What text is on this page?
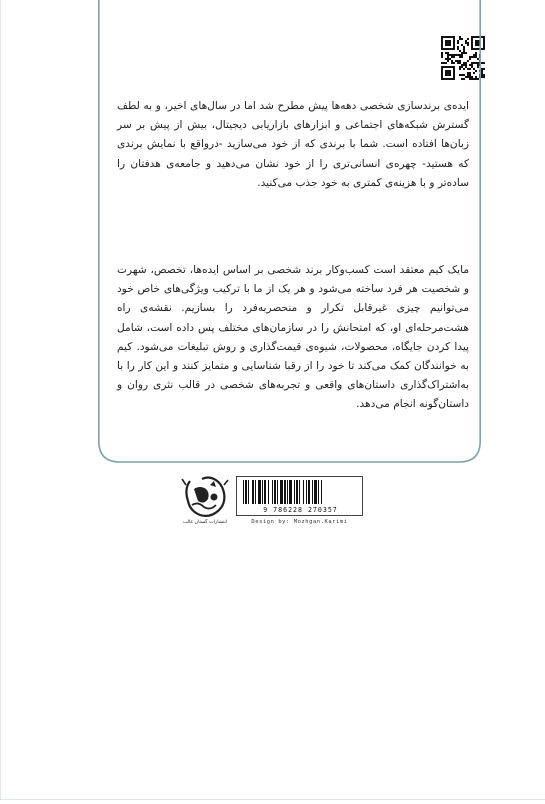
ایده‌ی برندسازی شخصی دهه‌ها پیش مطرح شد اما در سال‌های اخیر، و به لطف گسترش شبکه‌های اجتماعی و ابزارهای بازاریابی دیجیتال، بیش از پیش بر سر زبان‌ها افتاده است. شما با برندی که از خود می‌سازید -درواقع با نمایش برندی که هستید- چهره‌ی انسانی‌تری را از خود نشان می‌دهید و جامعه‌ی هدفتان را ساده‌تر و با هزینه‌ی کمتری به خود جذب می‌کنید.

مایک کیم معتقد است کسب‌وکار برند شخصی بر اساس ایده‌ها، تخصص، شهرت و شخصیت هر فرد ساخته می‌شود و هر یک از ما با ترکیب ویژگی‌های خاص خود می‌توانیم چیزی غیرقابل تکرار و منحصربه‌فرد را بسازیم. نقشه‌ی راه هشت‌مرحله‌ای او، که امتحانش را در سازمان‌های مختلف پس داده است، شامل پیدا کردن جایگاه، محصولات، شیوه‌ی قیمت‌گذاری و روش تبلیغات می‌شود. کیم به خوانندگان کمک می‌کند تا خود را از رقبا شناسایی و متمایز کنند و این کار را با به‌اشتراک‌گذاری داستان‌های واقعی و تجربه‌های شخصی در قالب نثری روان و داستان‌گونه انجام می‌دهد.

انتشارات گستان غالب
9 786228 270357
Design by: Mozhgan.Karimi
